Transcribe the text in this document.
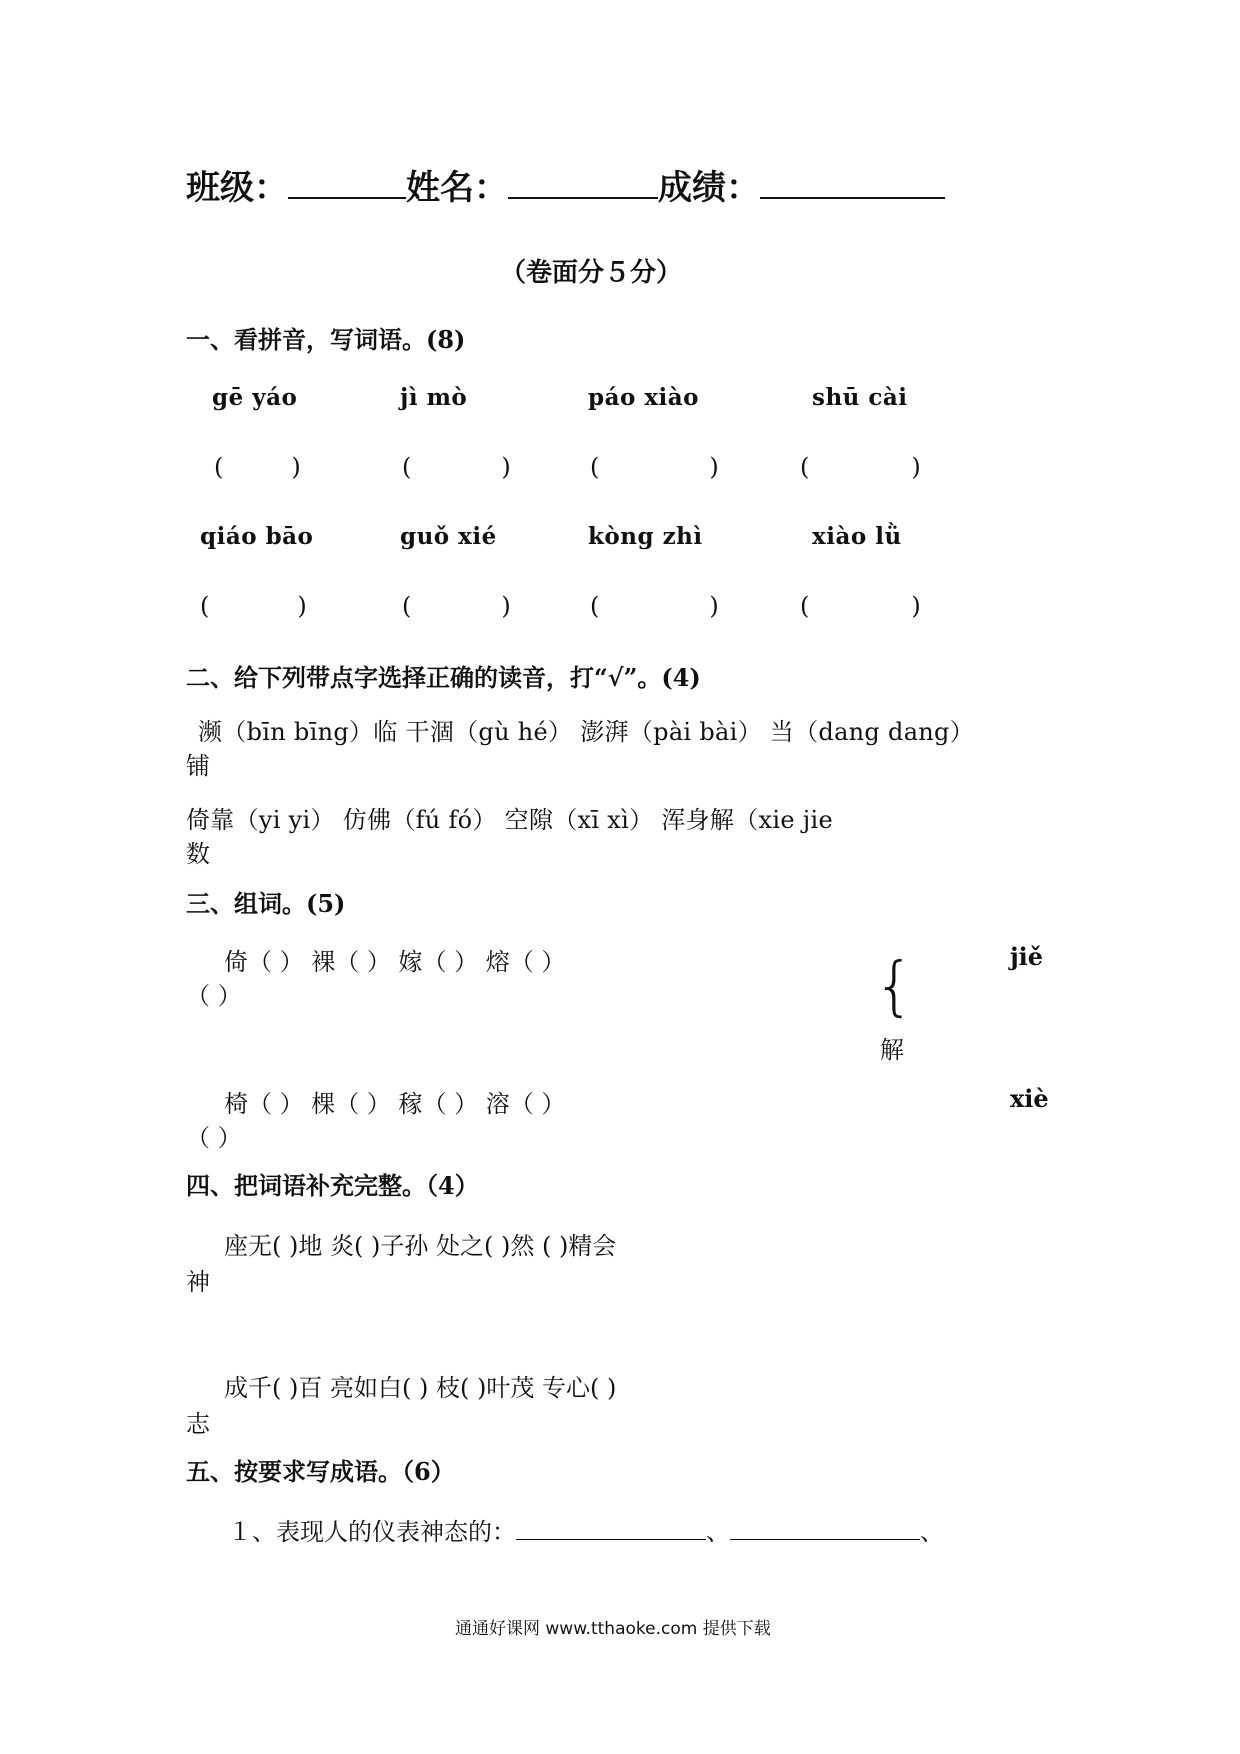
班级：	姓名：	成绩：
（卷面分５分）
一、看拼音，写词语。(8)
gē yáo	jì mò	páo xiào	shū cài
(	)	(	)	(	)	(	)
qiáo bāo	guǒ xié	kòng zhì	xiào lǜ
(	)	(	)	(	)	(	)
二、给下列带点字选择正确的读音，打“√”。(4)
濒（bīn bīng）临 干涸（gù hé） 澎湃（pài bài） 当（dang dang）
铺
倚靠（yi yi） 仿佛（fú fó） 空隙（xī xì） 浑身解（xie jie
数
三、组词。(5)
倚（ ） 裸（ ） 嫁（ ） 熔（ ）	jiě
（ ）	{
解
椅（ ） 棵（ ） 稼（ ） 溶（ ）	xiè
（ ）
四、把词语补充完整。（4）
座无( )地 炎( )子孙 处之( )然 ( )精会
神
成千( )百 亮如白( ) 枝( )叶茂 专心( )
志
五、按要求写成语。（6）
１、表现人的仪表神态的：	、	、
通通好课网 www.tthaoke.com 提供下载
